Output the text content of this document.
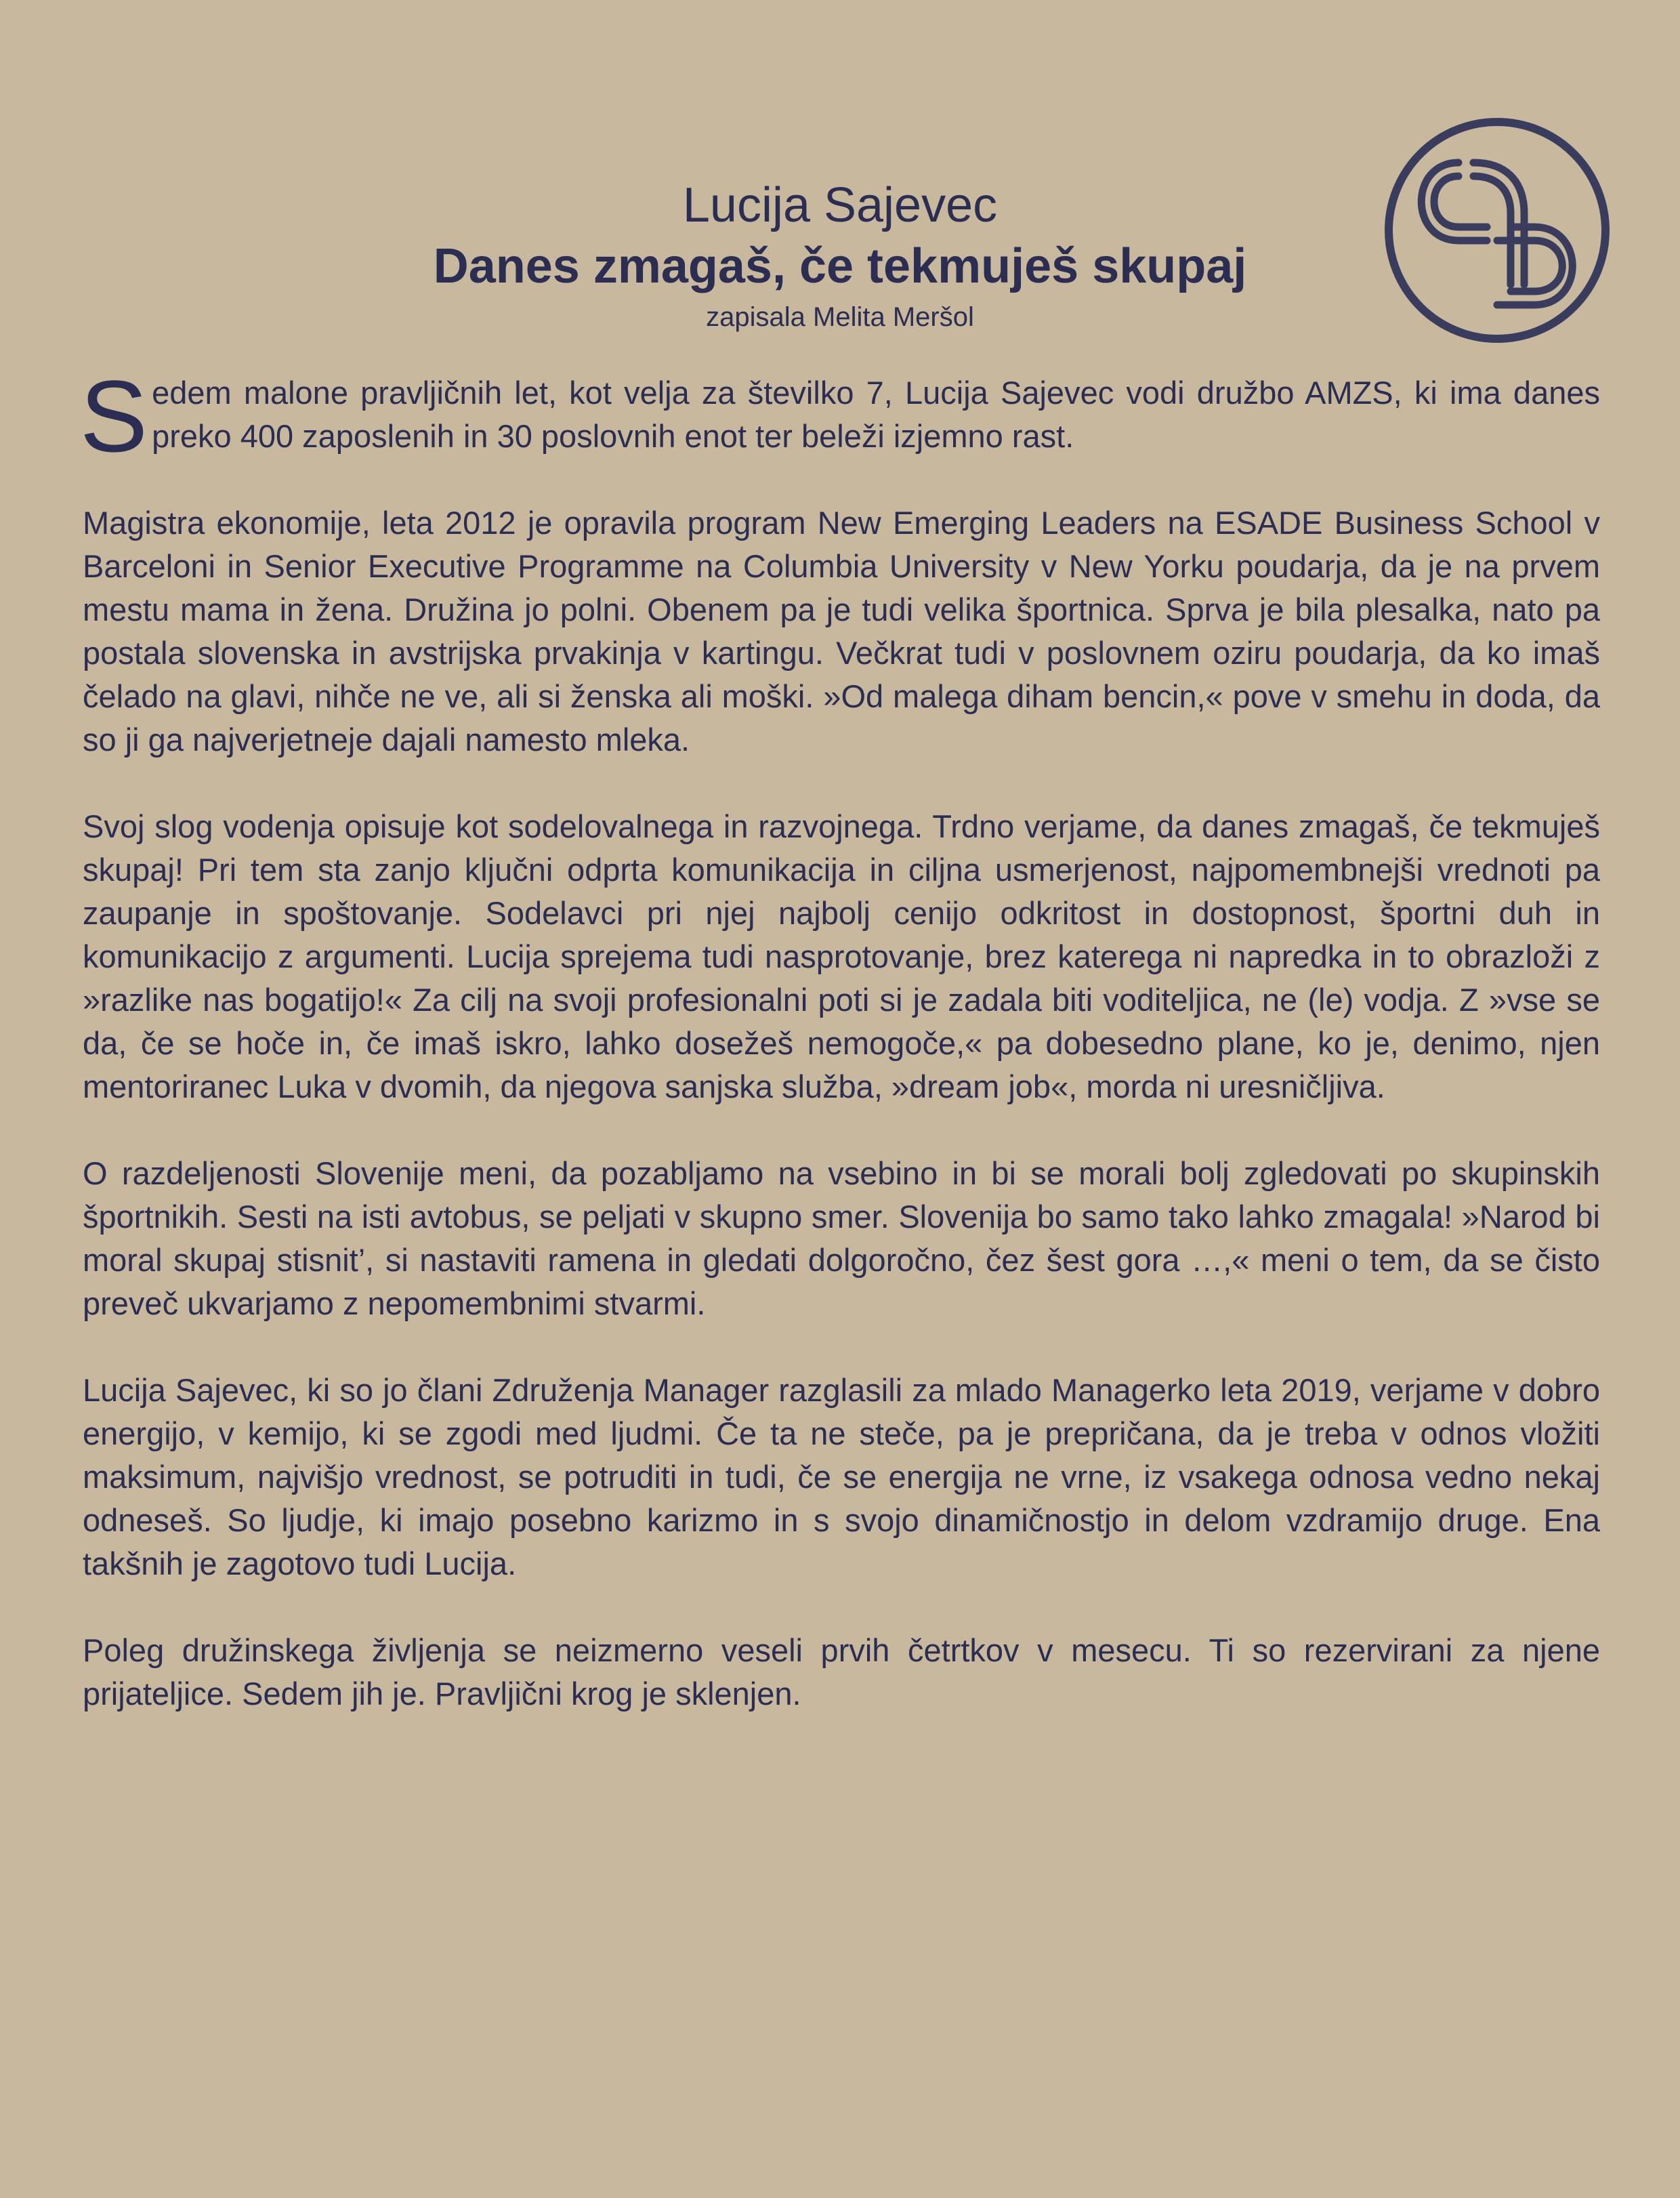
Lucija Sajevec
Danes zmagaš, če tekmuješ skupaj

zapisala Melita Meršol

Sedem malone pravljičnih let, kot velja za številko 7, Lucija Sajevec vodi družbo AMZS, ki ima danes preko 400 zaposlenih in 30 poslovnih enot ter beleži izjemno rast.

Magistra ekonomije, leta 2012 je opravila program New Emerging Leaders na ESADE Business School v Barceloni in Senior Executive Programme na Columbia University v New Yorku poudarja, da je na prvem mestu mama in žena. Družina jo polni. Obenem pa je tudi velika športnica. Sprva je bila plesalka, nato pa postala slovenska in avstrijska prvakinja v kartingu. Večkrat tudi v poslovnem oziru poudarja, da ko imaš čelado na glavi, nihče ne ve, ali si ženska ali moški. »Od malega diham bencin,« pove v smehu in doda, da so ji ga najverjetneje dajali namesto mleka.

Svoj slog vodenja opisuje kot sodelovalnega in razvojnega. Trdno verjame, da danes zmagaš, če tekmuješ skupaj! Pri tem sta zanjo ključni odprta komunikacija in ciljna usmerjenost, najpomembnejši vrednoti pa zaupanje in spoštovanje. Sodelavci pri njej najbolj cenijo odkritost in dostopnost, športni duh in komunikacijo z argumenti. Lucija sprejema tudi nasprotovanje, brez katerega ni napredka in to obrazloži z »razlike nas bogatijo!« Za cilj na svoji profesionalni poti si je zadala biti voditeljica, ne (le) vodja. Z »vse se da, če se hoče in, če imaš iskro, lahko dosežeš nemogoče,« pa dobesedno plane, ko je, denimo, njen mentoriranec Luka v dvomih, da njegova sanjska služba, »dream job«, morda ni uresničljiva.

O razdeljenosti Slovenije meni, da pozabljamo na vsebino in bi se morali bolj zgledovati po skupinskih športnikih. Sesti na isti avtobus, se peljati v skupno smer. Slovenija bo samo tako lahko zmagala! »Narod bi moral skupaj stisnit’, si nastaviti ramena in gledati dolgoročno, čez šest gora …,« meni o tem, da se čisto preveč ukvarjamo z nepomembnimi stvarmi.

Lucija Sajevec, ki so jo člani Združenja Manager razglasili za mlado Managerko leta 2019, verjame v dobro energijo, v kemijo, ki se zgodi med ljudmi. Če ta ne steče, pa je prepričana, da je treba v odnos vložiti maksimum, najvišjo vrednost, se potruditi in tudi, če se energija ne vrne, iz vsakega odnosa vedno nekaj odneseš. So ljudje, ki imajo posebno karizmo in s svojo dinamičnostjo in delom vzdramijo druge. Ena takšnih je zagotovo tudi Lucija.

Poleg družinskega življenja se neizmerno veseli prvih četrtkov v mesecu. Ti so rezervirani za njene prijateljice. Sedem jih je. Pravljični krog je sklenjen.
